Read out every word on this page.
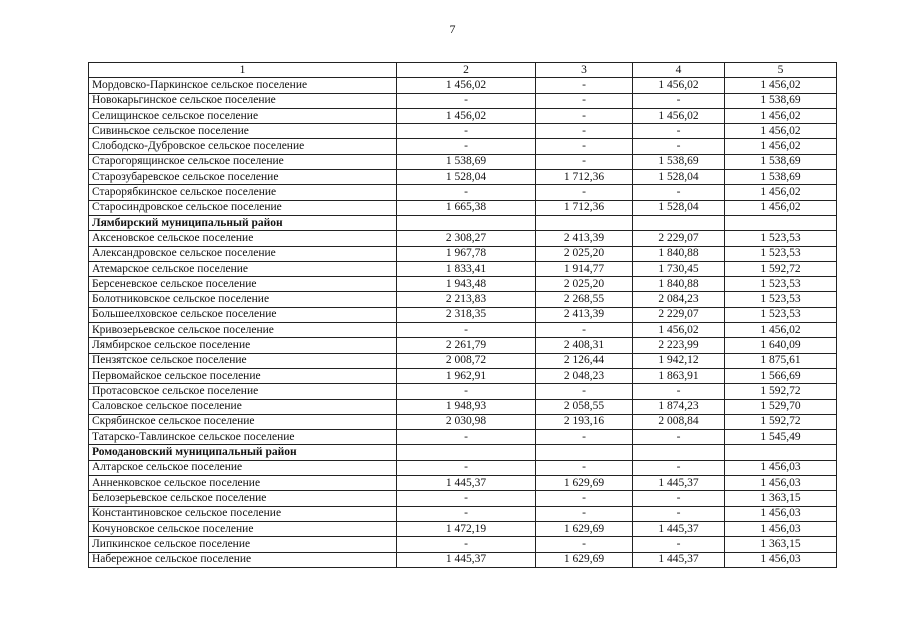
7
1	2	3	4	5
Мордовско-Паркинское сельское поселение	1 456,02	-	1 456,02	1 456,02
Новокарьгинское сельское поселение	-	-	-	1 538,69
Селищинское сельское поселение	1 456,02	-	1 456,02	1 456,02
Сивиньское сельское поселение	-	-	-	1 456,02
Слободско-Дубровское сельское поселение	-	-	-	1 456,02
Старогорящинское сельское поселение	1 538,69	-	1 538,69	1 538,69
Старозубаревское сельское поселение	1 528,04	1 712,36	1 528,04	1 538,69
Старорябкинское сельское поселение	-	-	-	1 456,02
Старосиндровское сельское поселение	1 665,38	1 712,36	1 528,04	1 456,02
Лямбирский муниципальный район				
Аксеновское сельское поселение	2 308,27	2 413,39	2 229,07	1 523,53
Александровское сельское поселение	1 967,78	2 025,20	1 840,88	1 523,53
Атемарское сельское поселение	1 833,41	1 914,77	1 730,45	1 592,72
Берсеневское сельское поселение	1 943,48	2 025,20	1 840,88	1 523,53
Болотниковское сельское поселение	2 213,83	2 268,55	2 084,23	1 523,53
Большеелховское сельское поселение	2 318,35	2 413,39	2 229,07	1 523,53
Кривозерьевское сельское поселение	-	-	1 456,02	1 456,02
Лямбирское сельское поселение	2 261,79	2 408,31	2 223,99	1 640,09
Пензятское сельское поселение	2 008,72	2 126,44	1 942,12	1 875,61
Первомайское сельское поселение	1 962,91	2 048,23	1 863,91	1 566,69
Протасовское сельское поселение	-	-	-	1 592,72
Саловское сельское поселение	1 948,93	2 058,55	1 874,23	1 529,70
Скрябинское сельское поселение	2 030,98	2 193,16	2 008,84	1 592,72
Татарско-Тавлинское сельское поселение	-	-	-	1 545,49
Ромодановский муниципальный район				
Алтарское сельское поселение	-	-	-	1 456,03
Анненковское сельское поселение	1 445,37	1 629,69	1 445,37	1 456,03
Белозерьевское сельское поселение	-	-	-	1 363,15
Константиновское сельское поселение	-	-	-	1 456,03
Кочуновское сельское поселение	1 472,19	1 629,69	1 445,37	1 456,03
Липкинское сельское поселение	-	-	-	1 363,15
Набережное сельское поселение	1 445,37	1 629,69	1 445,37	1 456,03
